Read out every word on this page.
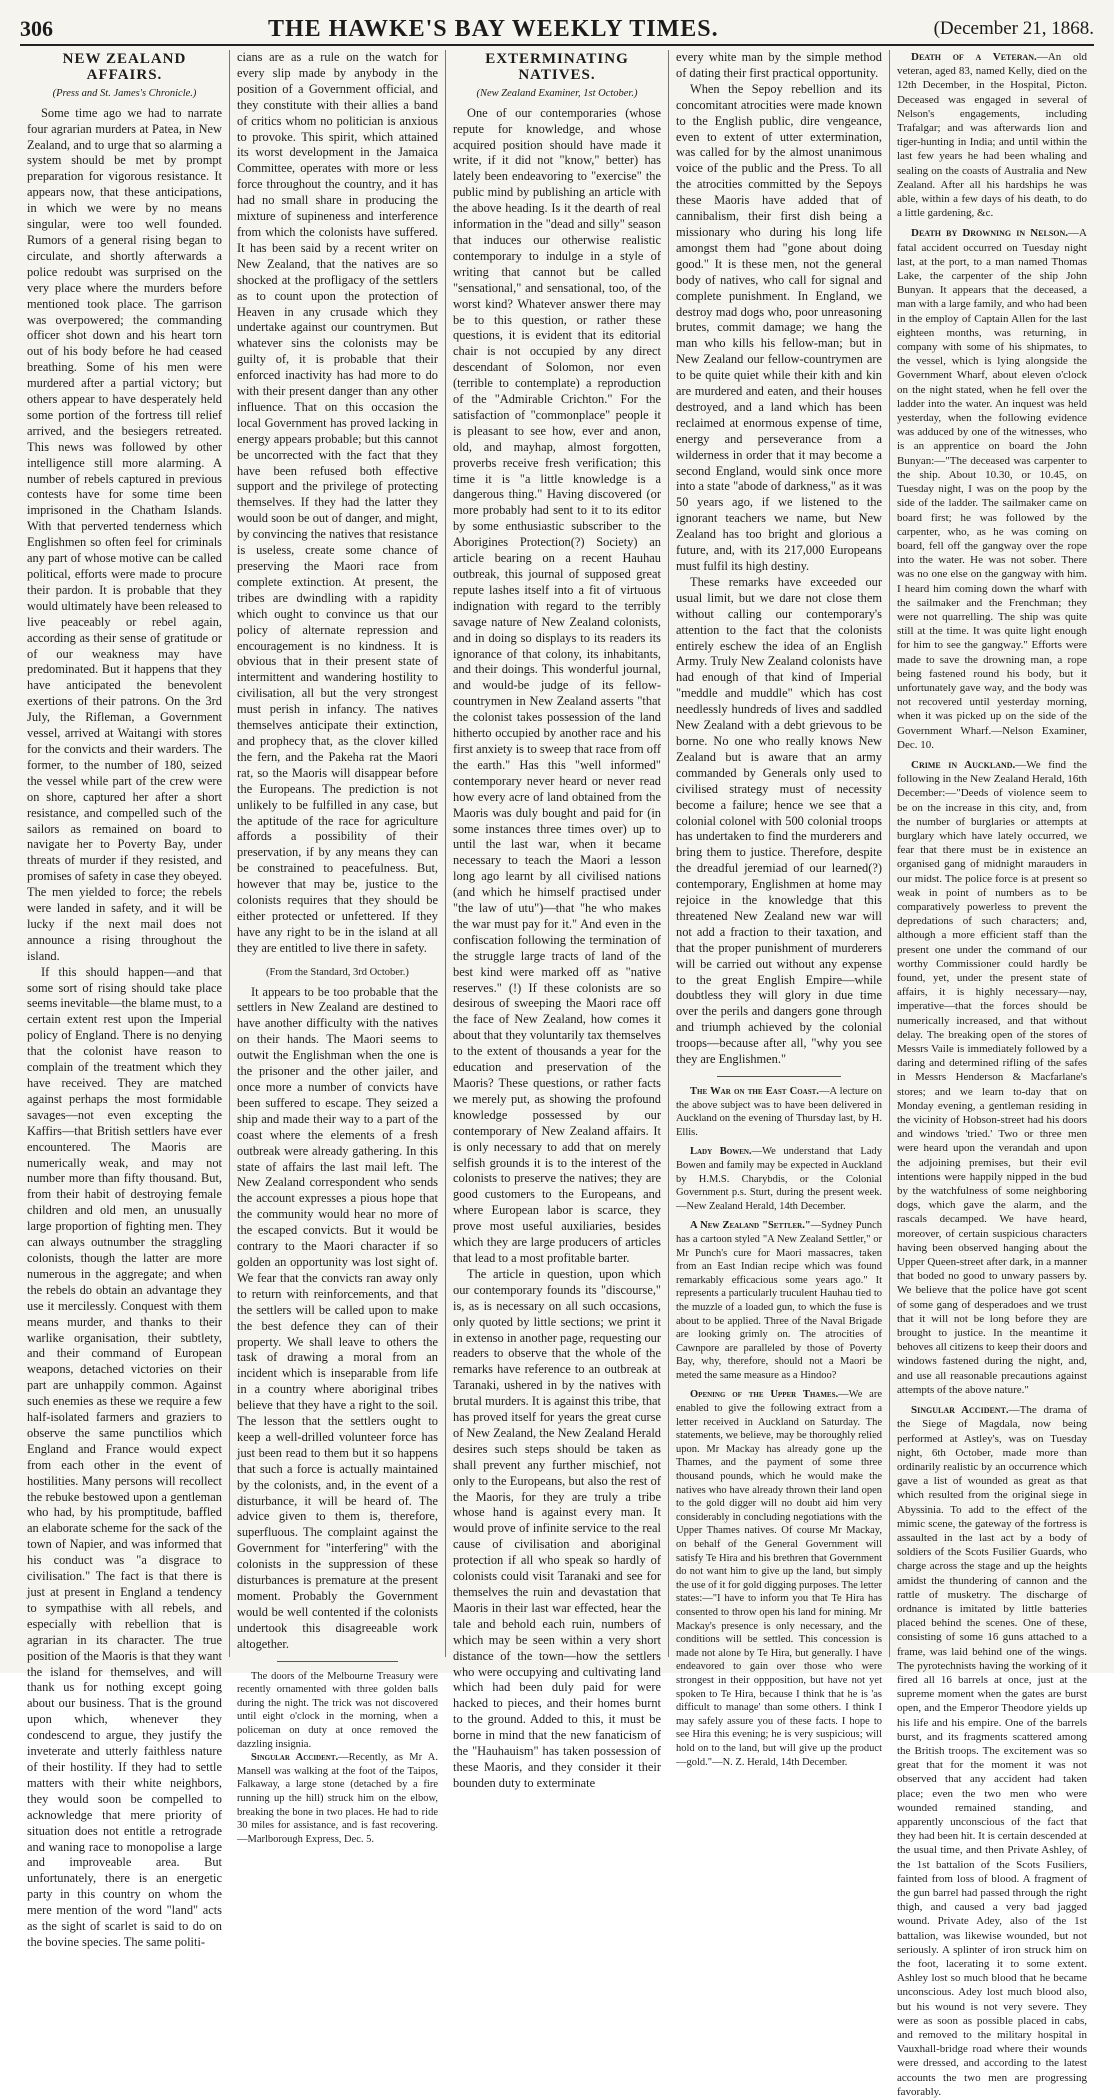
306	THE HAWKE'S BAY WEEKLY TIMES.	(December 21, 1868.
NEW ZEALAND AFFAIRS.
(Press and St. James's Chronicle.)

Some time ago we had to narrate four agrarian murders at Patea, in New Zealand, and to urge that so alarming a system should be met by prompt preparation for vigorous resistance. It appears now, that these anticipations, in which we were by no means singular, were too well founded. Rumors of a general rising began to circulate, and shortly afterwards a police redoubt was surprised on the very place where the murders before mentioned took place. The garrison was overpowered; the commanding officer shot down and his heart torn out of his body before he had ceased breathing. Some of his men were murdered after a partial victory; but others appear to have desperately held some portion of the fortress till relief arrived, and the besiegers retreated. This news was followed by other intelligence still more alarming. A number of rebels captured in previous contests have for some time been imprisoned in the Chatham Islands. With that perverted tenderness which Englishmen so often feel for criminals any part of whose motive can be called political, efforts were made to procure their pardon. It is probable that they would ultimately have been released to live peaceably or rebel again, according as their sense of gratitude or of our weakness may have predominated. But it happens that they have anticipated the benevolent exertions of their patrons. On the 3rd July, the Rifleman, a Government vessel, arrived at Waitangi with stores for the convicts and their warders. The former, to the number of 180, seized the vessel while part of the crew were on shore, captured her after a short resistance, and compelled such of the sailors as remained on board to navigate her to Poverty Bay, under threats of murder if they resisted, and promises of safety in case they obeyed. The men yielded to force; the rebels were landed in safety, and it will be lucky if the next mail does not announce a rising throughout the island.

If this should happen—and that some sort of rising should take place seems inevitable—the blame must, to a certain extent rest upon the Imperial policy of England. There is no denying that the colonist have reason to complain of the treatment which they have received. They are matched against perhaps the most formidable savages—not even excepting the Kaffirs—that British settlers have ever encountered. The Maoris are numerically weak, and may not number more than fifty thousand. But, from their habit of destroying female children and old men, an unusually large proportion of fighting men. They can always outnumber the straggling colonists, though the latter are more numerous in the aggregate; and when the rebels do obtain an advantage they use it mercilessly. Conquest with them means murder, and thanks to their warlike organisation, their subtlety, and their command of European weapons, detached victories on their part are unhappily common. Against such enemies as these we require a few half-isolated farmers and graziers to observe the same punctilios which England and France would expect from each other in the event of hostilities. Many persons will recollect the rebuke bestowed upon a gentleman who had, by his promptitude, baffled an elaborate scheme for the sack of the town of Napier, and was informed that his conduct was "a disgrace to civilisation." The fact is that there is just at present in England a tendency to sympathise with all rebels, and especially with rebellion that is agrarian in its character. The true position of the Maoris is that they want the island for themselves, and will thank us for nothing except going about our business. That is the ground upon which, whenever they condescend to argue, they justify the inveterate and utterly faithless nature of their hostility. If they had to settle matters with their white neighbors, they would soon be compelled to acknowledge that mere priority of situation does not entitle a retrograde and waning race to monopolise a large and improveable area. But unfortunately, there is an energetic party in this country on whom the mere mention of the word "land" acts as the sight of scarlet is said to do on the bovine species. The same politi-

cians are as a rule on the watch for every slip made by anybody in the position of a Government official, and they constitute with their allies a band of critics whom no politician is anxious to provoke. This spirit, which attained its worst development in the Jamaica Committee, operates with more or less force throughout the country, and it has had no small share in producing the mixture of supineness and interference from which the colonists have suffered. It has been said by a recent writer on New Zealand, that the natives are so shocked at the profligacy of the settlers as to count upon the protection of Heaven in any crusade which they undertake against our countrymen. But whatever sins the colonists may be guilty of, it is probable that their enforced inactivity has had more to do with their present danger than any other influence. That on this occasion the local Government has proved lacking in energy appears probable; but this cannot be uncorrected with the fact that they have been refused both effective support and the privilege of protecting themselves. If they had the latter they would soon be out of danger, and might, by convincing the natives that resistance is useless, create some chance of preserving the Maori race from complete extinction. At present, the tribes are dwindling with a rapidity which ought to convince us that our policy of alternate repression and encouragement is no kindness. It is obvious that in their present state of intermittent and wandering hostility to civilisation, all but the very strongest must perish in infancy. The natives themselves anticipate their extinction, and prophecy that, as the clover killed the fern, and the Pakeha rat the Maori rat, so the Maoris will disappear before the Europeans. The prediction is not unlikely to be fulfilled in any case, but the aptitude of the race for agriculture affords a possibility of their preservation, if by any means they can be constrained to peacefulness. But, however that may be, justice to the colonists requires that they should be either protected or unfettered. If they have any right to be in the island at all they are entitled to live there in safety.

(From the Standard, 3rd October.)

It appears to be too probable that the settlers in New Zealand are destined to have another difficulty with the natives on their hands. The Maori seems to outwit the Englishman when the one is the prisoner and the other jailer, and once more a number of convicts have been suffered to escape. They seized a ship and made their way to a part of the coast where the elements of a fresh outbreak were already gathering. In this state of affairs the last mail left. The New Zealand correspondent who sends the account expresses a pious hope that the community would hear no more of the escaped convicts. But it would be contrary to the Maori character if so golden an opportunity was lost sight of. We fear that the convicts ran away only to return with reinforcements, and that the settlers will be called upon to make the best defence they can of their property. We shall leave to others the task of drawing a moral from an incident which is inseparable from life in a country where aboriginal tribes believe that they have a right to the soil. The lesson that the settlers ought to keep a well-drilled volunteer force has just been read to them but it so happens that such a force is actually maintained by the colonists, and, in the event of a disturbance, it will be heard of. The advice given to them is, therefore, superfluous. The complaint against the Government for "interfering" with the colonists in the suppression of these disturbances is premature at the present moment. Probably the Government would be well contented if the colonists undertook this disagreeable work altogether.

The doors of the Melbourne Treasury were recently ornamented with three golden balls during the night. The trick was not discovered until eight o'clock in the morning, when a policeman on duty at once removed the dazzling insignia.

Singular Accident.—Recently, as Mr A. Mansell was walking at the foot of the Taipos, Falkaway, a large stone (detached by a fire running up the hill) struck him on the elbow, breaking the bone in two places. He had to ride 30 miles for assistance, and is fast recovering.—Marlborough Express, Dec. 5.

EXTERMINATING NATIVES.
(New Zealand Examiner, 1st October.)

One of our contemporaries (whose repute for knowledge, and whose acquired position should have made it write, if it did not "know," better) has lately been endeavoring to "exercise" the public mind by publishing an article with the above heading. Is it the dearth of real information in the "dead and silly" season that induces our otherwise realistic contemporary to indulge in a style of writing that cannot but be called "sensational," and sensational, too, of the worst kind? Whatever answer there may be to this question, or rather these questions, it is evident that its editorial chair is not occupied by any direct descendant of Solomon, nor even (terrible to contemplate) a reproduction of the "Admirable Crichton." For the satisfaction of "commonplace" people it is pleasant to see how, ever and anon, old, and mayhap, almost forgotten, proverbs receive fresh verification; this time it is "a little knowledge is a dangerous thing." Having discovered (or more probably had sent to it to its editor by some enthusiastic subscriber to the Aborigines Protection(?) Society) an article bearing on a recent Hauhau outbreak, this journal of supposed great repute lashes itself into a fit of virtuous indignation with regard to the terribly savage nature of New Zealand colonists, and in doing so displays to its readers its ignorance of that colony, its inhabitants, and their doings. This wonderful journal, and would-be judge of its fellow-countrymen in New Zealand asserts "that the colonist takes possession of the land hitherto occupied by another race and his first anxiety is to sweep that race from off the earth." Has this "well informed" contemporary never heard or never read how every acre of land obtained from the Maoris was duly bought and paid for (in some instances three times over) up to until the last war, when it became necessary to teach the Maori a lesson long ago learnt by all civilised nations (and which he himself practised under "the law of utu")—that "he who makes the war must pay for it." And even in the confiscation following the termination of the struggle large tracts of land of the best kind were marked off as "native reserves." (!) If these colonists are so desirous of sweeping the Maori race off the face of New Zealand, how comes it about that they voluntarily tax themselves to the extent of thousands a year for the education and preservation of the Maoris? These questions, or rather facts we merely put, as showing the profound knowledge possessed by our contemporary of New Zealand affairs. It is only necessary to add that on merely selfish grounds it is to the interest of the colonists to preserve the natives; they are good customers to the Europeans, and where European labor is scarce, they prove most useful auxiliaries, besides which they are large producers of articles that lead to a most profitable barter.

The article in question, upon which our contemporary founds its "discourse," is, as is necessary on all such occasions, only quoted by little sections; we print it in extenso in another page, requesting our readers to observe that the whole of the remarks have reference to an outbreak at Taranaki, ushered in by the natives with brutal murders. It is against this tribe, that has proved itself for years the great curse of New Zealand, the New Zealand Herald desires such steps should be taken as shall prevent any further mischief, not only to the Europeans, but also the rest of the Maoris, for they are truly a tribe whose hand is against every man. It would prove of infinite service to the real cause of civilisation and aboriginal protection if all who speak so hardly of colonists could visit Taranaki and see for themselves the ruin and devastation that Maoris in their last war effected, hear the tale and behold each ruin, numbers of which may be seen within a very short distance of the town—how the settlers who were occupying and cultivating land which had been duly paid for were hacked to pieces, and their homes burnt to the ground. Added to this, it must be borne in mind that the new fanaticism of the "Hauhauism" has taken possession of these Maoris, and they consider it their bounden duty to exterminate

every white man by the simple method of dating their first practical opportunity.

When the Sepoy rebellion and its concomitant atrocities were made known to the English public, dire vengeance, even to extent of utter extermination, was called for by the almost unanimous voice of the public and the Press. To all the atrocities committed by the Sepoys these Maoris have added that of cannibalism, their first dish being a missionary who during his long life amongst them had "gone about doing good." It is these men, not the general body of natives, who call for signal and complete punishment. In England, we destroy mad dogs who, poor unreasoning brutes, commit damage; we hang the man who kills his fellow-man; but in New Zealand our fellow-countrymen are to be quite quiet while their kith and kin are murdered and eaten, and their houses destroyed, and a land which has been reclaimed at enormous expense of time, energy and perseverance from a wilderness in order that it may become a second England, would sink once more into a state "abode of darkness," as it was 50 years ago, if we listened to the ignorant teachers we name, but New Zealand has too bright and glorious a future, and, with its 217,000 Europeans must fulfil its high destiny.

These remarks have exceeded our usual limit, but we dare not close them without calling our contemporary's attention to the fact that the colonists entirely eschew the idea of an English Army. Truly New Zealand colonists have had enough of that kind of Imperial "meddle and muddle" which has cost needlessly hundreds of lives and saddled New Zealand with a debt grievous to be borne. No one who really knows New Zealand but is aware that an army commanded by Generals only used to civilised strategy must of necessity become a failure; hence we see that a colonial colonel with 500 colonial troops has undertaken to find the murderers and bring them to justice. Therefore, despite the dreadful jeremiad of our learned(?) contemporary, Englishmen at home may rejoice in the knowledge that this threatened New Zealand new war will not add a fraction to their taxation, and that the proper punishment of murderers will be carried out without any expense to the great English Empire—while doubtless they will glory in due time over the perils and dangers gone through and triumph achieved by the colonial troops—because after all, "why you see they are Englishmen."

The War on the East Coast.—A lecture on the above subject was to have been delivered in Auckland on the evening of Thursday last, by H. Ellis.

Lady Bowen.—We understand that Lady Bowen and family may be expected in Auckland by H.M.S. Charybdis, or the Colonial Government p.s. Sturt, during the present week.—New Zealand Herald, 14th December.

A New Zealand "Settler."—Sydney Punch has a cartoon styled "A New Zealand Settler," or Mr Punch's cure for Maori massacres, taken from an East Indian recipe which was found remarkably efficacious some years ago." It represents a particularly truculent Hauhau tied to the muzzle of a loaded gun, to which the fuse is about to be applied. Three of the Naval Brigade are looking grimly on. The atrocities of Cawnpore are paralleled by those of Poverty Bay, why, therefore, should not a Maori be meted the same measure as a Hindoo?

Opening of the Upper Thames.—We are enabled to give the following extract from a letter received in Auckland on Saturday. The statements, we believe, may be thoroughly relied upon. Mr Mackay has already gone up the Thames, and the payment of some three thousand pounds, which he would make the natives who have already thrown their land open to the gold digger will no doubt aid him very considerably in concluding negotiations with the Upper Thames natives. Of course Mr Mackay, on behalf of the General Government will satisfy Te Hira and his brethren that Government do not want him to give up the land, but simply the use of it for gold digging purposes. The letter states:—"I have to inform you that Te Hira has consented to throw open his land for mining. Mr Mackay's presence is only necessary, and the conditions will be settled. This concession is made not alone by Te Hira, but generally. I have endeavored to gain over those who were strongest in their oppposition, but have not yet spoken to Te Hira, because I think that he is 'as difficult to manage' than some others. I think I may safely assure you of these facts. I hope to see Hira this evening; he is very suspicious; will hold on to the land, but will give up the product—gold."—N. Z. Herald, 14th December.

Death of a Veteran.—An old veteran, aged 83, named Kelly, died on the 12th December, in the Hospital, Picton. Deceased was engaged in several of Nelson's engagements, including Trafalgar; and was afterwards lion and tiger-hunting in India; and until within the last few years he had been whaling and sealing on the coasts of Australia and New Zealand. After all his hardships he was able, within a few days of his death, to do a little gardening, &c.

Death by Drowning in Nelson.—A fatal accident occurred on Tuesday night last, at the port, to a man named Thomas Lake, the carpenter of the ship John Bunyan. It appears that the deceased, a man with a large family, and who had been in the employ of Captain Allen for the last eighteen months, was returning, in company with some of his shipmates, to the vessel, which is lying alongside the Government Wharf, about eleven o'clock on the night stated, when he fell over the ladder into the water. An inquest was held yesterday, when the following evidence was adduced by one of the witnesses, who is an apprentice on board the John Bunyan:—"The deceased was carpenter to the ship. About 10.30, or 10.45, on Tuesday night, I was on the poop by the side of the ladder. The sailmaker came on board first; he was followed by the carpenter, who, as he was coming on board, fell off the gangway over the rope into the water. He was not sober. There was no one else on the gangway with him. I heard him coming down the wharf with the sailmaker and the Frenchman; they were not quarrelling. The ship was quite still at the time. It was quite light enough for him to see the gangway." Efforts were made to save the drowning man, a rope being fastened round his body, but it unfortunately gave way, and the body was not recovered until yesterday morning, when it was picked up on the side of the Government Wharf.—Nelson Examiner, Dec. 10.

Crime in Auckland.—We find the following in the New Zealand Herald, 16th December:—"Deeds of violence seem to be on the increase in this city, and, from the number of burglaries or attempts at burglary which have lately occurred, we fear that there must be in existence an organised gang of midnight marauders in our midst. The police force is at present so weak in point of numbers as to be comparatively powerless to prevent the depredations of such characters; and, although a more efficient staff than the present one under the command of our worthy Commissioner could hardly be found, yet, under the present state of affairs, it is highly necessary—nay, imperative—that the forces should be numerically increased, and that without delay. The breaking open of the stores of Messrs Vaile is immediately followed by a daring and determined rifling of the safes in Messrs Henderson & Macfarlane's stores; and we learn to-day that on Monday evening, a gentleman residing in the vicinity of Hobson-street had his doors and windows 'tried.' Two or three men were heard upon the verandah and upon the adjoining premises, but their evil intentions were happily nipped in the bud by the watchfulness of some neighboring dogs, which gave the alarm, and the rascals decamped. We have heard, moreover, of certain suspicious characters having been observed hanging about the Upper Queen-street after dark, in a manner that boded no good to unwary passers by. We believe that the police have got scent of some gang of desperadoes and we trust that it will not be long before they are brought to justice. In the meantime it behoves all citizens to keep their doors and windows fastened during the night, and, and use all reasonable precautions against attempts of the above nature."

Singular Accident.—The drama of the Siege of Magdala, now being performed at Astley's, was on Tuesday night, 6th October, made more than ordinarily realistic by an occurrence which gave a list of wounded as great as that which resulted from the original siege in Abyssinia. To add to the effect of the mimic scene, the gateway of the fortress is assaulted in the last act by a body of soldiers of the Scots Fusilier Guards, who charge across the stage and up the heights amidst the thundering of cannon and the rattle of musketry. The discharge of ordnance is imitated by little batteries placed behind the scenes. One of these, consisting of some 16 guns attached to a frame, was laid behind one of the wings. The pyrotechnists having the working of it fired all 16 barrels at once, just at the supreme moment when the gates are burst open, and the Emperor Theodore yields up his life and his empire. One of the barrels burst, and its fragments scattered among the British troops. The excitement was so great that for the moment it was not observed that any accident had taken place; even the two men who were wounded remained standing, and apparently unconscious of the fact that they had been hit. It is certain descended at the usual time, and then Private Ashley, of the 1st battalion of the Scots Fusiliers, fainted from loss of blood. A fragment of the gun barrel had passed through the right thigh, and caused a very bad jagged wound. Private Adey, also of the 1st battalion, was likewise wounded, but not seriously. A splinter of iron struck him on the foot, lacerating it to some extent. Ashley lost so much blood that he became unconscious. Adey lost much blood also, but his wound is not very severe. They were as soon as possible placed in cabs, and removed to the military hospital in Vauxhall-bridge road where their wounds were dressed, and according to the latest accounts the two men are progressing favorably.
